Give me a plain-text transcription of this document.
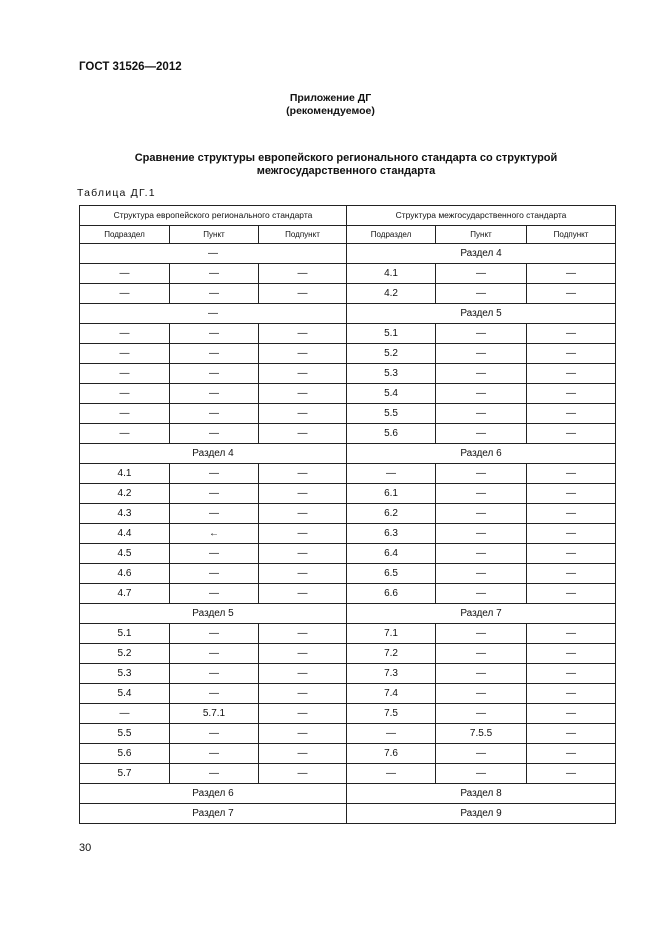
ГОСТ 31526—2012
Приложение ДГ
(рекомендуемое)
Сравнение структуры европейского регионального стандарта со структурой межгосударственного стандарта
Таблица ДГ.1
Структура европейского регионального стандарта			Структура межгосударственного стандарта		
Подраздел	Пункт	Подпункт	Подраздел	Пункт	Подпункт
—			Раздел 4		
—	—	—	4.1	—	—
—	—	—	4.2	—	—
—			Раздел 5		
—	—	—	5.1	—	—
—	—	—	5.2	—	—
—	—	—	5.3	—	—
—	—	—	5.4	—	—
—	—	—	5.5	—	—
—	—	—	5.6	—	—
Раздел 4			Раздел 6		
4.1	—	—	—	—	—
4.2	—	—	6.1	—	—
4.3	—	—	6.2	—	—
4.4	←	—	6.3	—	—
4.5	—	—	6.4	—	—
4.6	—	—	6.5	—	—
4.7	—	—	6.6	—	—
Раздел 5			Раздел 7		
5.1	—	—	7.1	—	—
5.2	—	—	7.2	—	—
5.3	—	—	7.3	—	—
5.4	—	—	7.4	—	—
—	5.7.1	—	7.5	—	—
5.5	—	—	—	7.5.5	—
5.6	—	—	7.6	—	—
5.7	—	—	—	—	—
Раздел 6			Раздел 8		
Раздел 7			Раздел 9		
30
